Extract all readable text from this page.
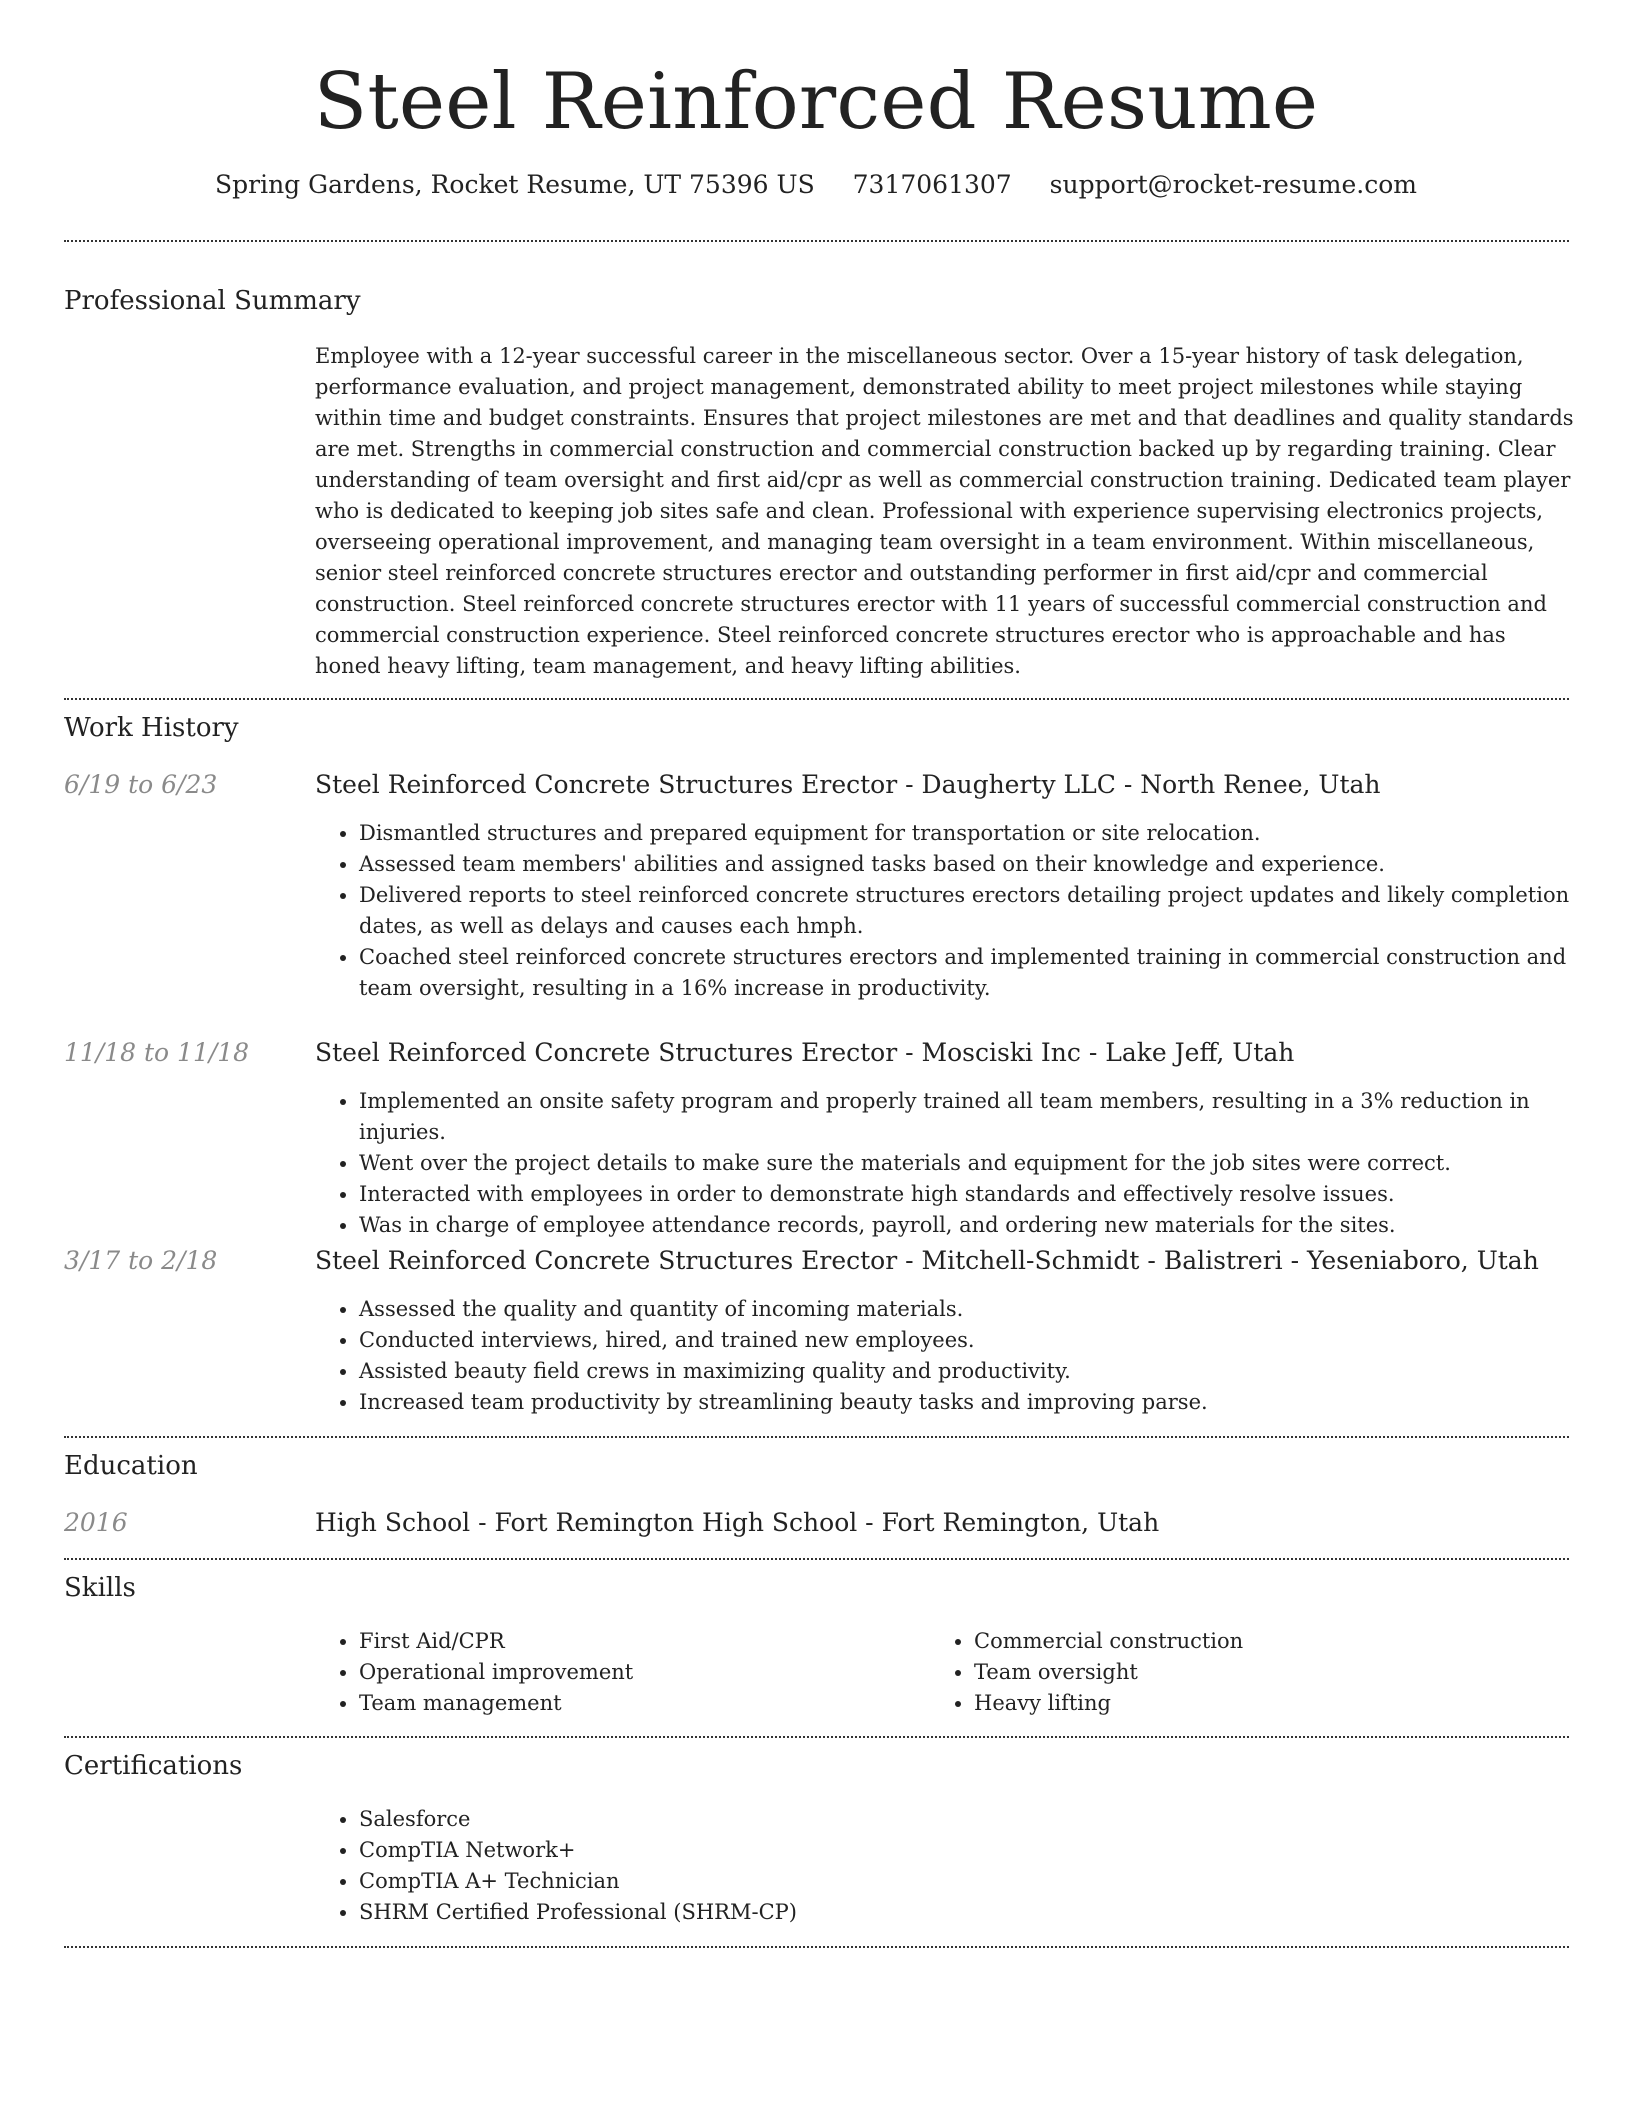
Steel Reinforced Resume
Spring Gardens, Rocket Resume, UT 75396 US 7317061307 support@rocket-resume.com
Professional Summary

Employee with a 12-year successful career in the miscellaneous sector. Over a 15-year history of task delegation, performance evaluation, and project management, demonstrated ability to meet project milestones while staying within time and budget constraints. Ensures that project milestones are met and that deadlines and quality standards are met. Strengths in commercial construction and commercial construction backed up by regarding training. Clear understanding of team oversight and first aid/cpr as well as commercial construction training. Dedicated team player who is dedicated to keeping job sites safe and clean. Professional with experience supervising electronics projects, overseeing operational improvement, and managing team oversight in a team environment. Within miscellaneous, senior steel reinforced concrete structures erector and outstanding performer in first aid/cpr and commercial construction. Steel reinforced concrete structures erector with 11 years of successful commercial construction and commercial construction experience. Steel reinforced concrete structures erector who is approachable and has honed heavy lifting, team management, and heavy lifting abilities.

Work History
6/19 to 6/23	Steel Reinforced Concrete Structures Erector - Daugherty LLC - North Renee, Utah
• Dismantled structures and prepared equipment for transportation or site relocation.
• Assessed team members' abilities and assigned tasks based on their knowledge and experience.
• Delivered reports to steel reinforced concrete structures erectors detailing project updates and likely completion dates, as well as delays and causes each hmph.
• Coached steel reinforced concrete structures erectors and implemented training in commercial construction and team oversight, resulting in a 16% increase in productivity.
11/18 to 11/18	Steel Reinforced Concrete Structures Erector - Mosciski Inc - Lake Jeff, Utah
• Implemented an onsite safety program and properly trained all team members, resulting in a 3% reduction in injuries.
• Went over the project details to make sure the materials and equipment for the job sites were correct.
• Interacted with employees in order to demonstrate high standards and effectively resolve issues.
• Was in charge of employee attendance records, payroll, and ordering new materials for the sites.
3/17 to 2/18	Steel Reinforced Concrete Structures Erector - Mitchell-Schmidt - Balistreri - Yeseniaboro, Utah
• Assessed the quality and quantity of incoming materials.
• Conducted interviews, hired, and trained new employees.
• Assisted beauty field crews in maximizing quality and productivity.
• Increased team productivity by streamlining beauty tasks and improving parse.
Education
2016	High School - Fort Remington High School - Fort Remington, Utah
Skills
• First Aid/CPR
• Operational improvement
• Team management
• Commercial construction
• Team oversight
• Heavy lifting
Certifications
• Salesforce
• CompTIA Network+
• CompTIA A+ Technician
• SHRM Certified Professional (SHRM-CP)
